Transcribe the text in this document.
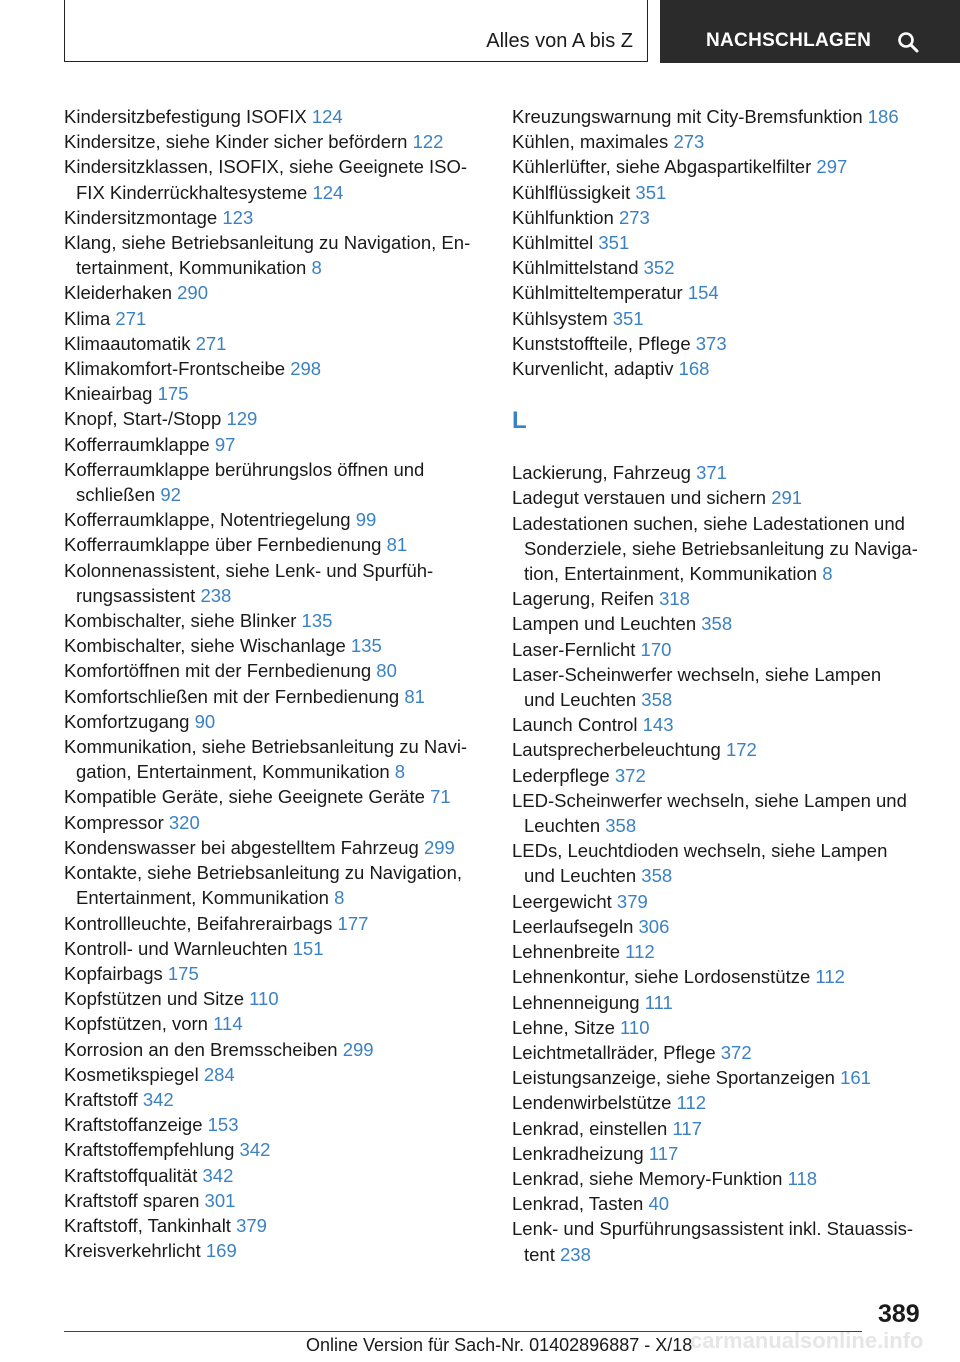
Alles von A bis Z	NACHSCHLAGEN
Kindersitzbefestigung ISOFIX 124
Kindersitze, siehe Kinder sicher befördern 122
Kindersitzklassen, ISOFIX, siehe Geeignete ISO-
FIX Kinderrückhaltesysteme 124
Kindersitzmontage 123
Klang, siehe Betriebsanleitung zu Navigation, En-
tertainment, Kommunikation 8
Kleiderhaken 290
Klima 271
Klimaautomatik 271
Klimakomfort-Frontscheibe 298
Knieairbag 175
Knopf, Start-/Stopp 129
Kofferraumklappe 97
Kofferraumklappe berührungslos öffnen und
schließen 92
Kofferraumklappe, Notentriegelung 99
Kofferraumklappe über Fernbedienung 81
Kolonnenassistent, siehe Lenk- und Spurfüh-
rungsassistent 238
Kombischalter, siehe Blinker 135
Kombischalter, siehe Wischanlage 135
Komfortöffnen mit der Fernbedienung 80
Komfortschließen mit der Fernbedienung 81
Komfortzugang 90
Kommunikation, siehe Betriebsanleitung zu Navi-
gation, Entertainment, Kommunikation 8
Kompatible Geräte, siehe Geeignete Geräte 71
Kompressor 320
Kondenswasser bei abgestelltem Fahrzeug 299
Kontakte, siehe Betriebsanleitung zu Navigation,
Entertainment, Kommunikation 8
Kontrollleuchte, Beifahrerairbags 177
Kontroll- und Warnleuchten 151
Kopfairbags 175
Kopfstützen und Sitze 110
Kopfstützen, vorn 114
Korrosion an den Bremsscheiben 299
Kosmetikspiegel 284
Kraftstoff 342
Kraftstoffanzeige 153
Kraftstoffempfehlung 342
Kraftstoffqualität 342
Kraftstoff sparen 301
Kraftstoff, Tankinhalt 379
Kreisverkehrlicht 169
Kreuzungswarnung mit City-Bremsfunktion 186
Kühlen, maximales 273
Kühlerlüfter, siehe Abgaspartikelfilter 297
Kühlflüssigkeit 351
Kühlfunktion 273
Kühlmittel 351
Kühlmittelstand 352
Kühlmitteltemperatur 154
Kühlsystem 351
Kunststoffteile, Pflege 373
Kurvenlicht, adaptiv 168
L
Lackierung, Fahrzeug 371
Ladegut verstauen und sichern 291
Ladestationen suchen, siehe Ladestationen und
Sonderziele, siehe Betriebsanleitung zu Naviga-
tion, Entertainment, Kommunikation 8
Lagerung, Reifen 318
Lampen und Leuchten 358
Laser-Fernlicht 170
Laser-Scheinwerfer wechseln, siehe Lampen
und Leuchten 358
Launch Control 143
Lautsprecherbeleuchtung 172
Lederpflege 372
LED-Scheinwerfer wechseln, siehe Lampen und
Leuchten 358
LEDs, Leuchtdioden wechseln, siehe Lampen
und Leuchten 358
Leergewicht 379
Leerlaufsegeln 306
Lehnenbreite 112
Lehnenkontur, siehe Lordosenstütze 112
Lehnenneigung 111
Lehne, Sitze 110
Leichtmetallräder, Pflege 372
Leistungsanzeige, siehe Sportanzeigen 161
Lendenwirbelstütze 112
Lenkrad, einstellen 117
Lenkradheizung 117
Lenkrad, siehe Memory-Funktion 118
Lenkrad, Tasten 40
Lenk- und Spurführungsassistent inkl. Stauassis-
tent 238
389
Online Version für Sach-Nr. 01402896887 - X/18
carmanualsonline.info
